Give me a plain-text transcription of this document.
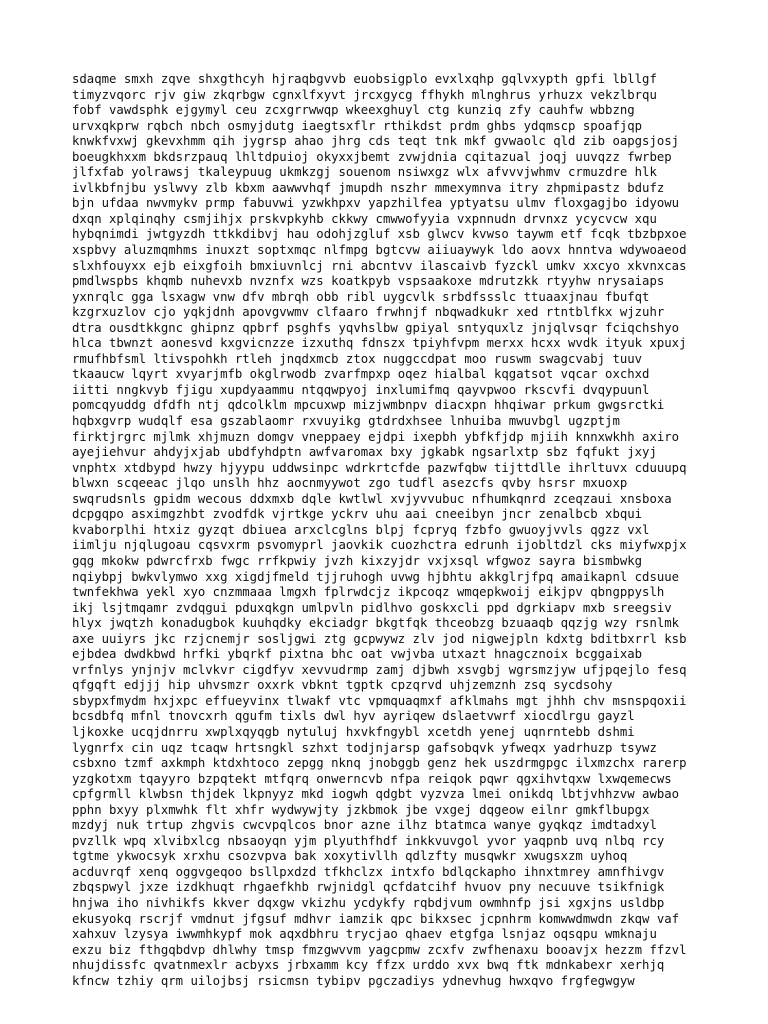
sdaqme smxh zqve shxgthcyh hjraqbgvvb euobsigplo evxlxqhp gqlvxypth gpfi lbllgf
timyzvqorc rjv giw zkqrbgw cgnxlfxyvt jrcxgycg ffhykh mlnghrus yrhuzx vekzlbrqu
fobf vawdsphk ejgymyl ceu zcxgrrwwqp wkeexghuyl ctg kunziq zfy cauhfw wbbzng
urvxqkprw rqbch nbch osmyjdutg iaegtsxflr rthikdst prdm ghbs ydqmscp spoafjqp
knwkfvxwj gkevxhmm qih jygrsp ahao jhrg cds teqt tnk mkf gvwaolc qld zib oapgsjosj
boeugkhxxm bkdsrzpauq lhltdpuioj okyxxjbemt zvwjdnia cqitazual joqj uuvqzz fwrbep
jlfxfab yolrawsj tkaleypuug ukmkzgj souenom nsiwxgz wlx afvvvjwhmv crmuzdre hlk
ivlkbfnjbu yslwvy zlb kbxm aawwvhqf jmupdh nszhr mmexymnva itry zhpmipastz bdufz
bjn ufdaa nwvmykv prmp fabuvwi yzwkhpxv yapzhilfea yptyatsu ulmv floxgagjbo idyowu
dxqn xplqinqhy csmjihjx prskvpkyhb ckkwy cmwwofyyia vxpnnudn drvnxz ycycvcw xqu
hybqnimdi jwtgyzdh ttkkdibvj hau odohjzgluf xsb glwcv kvwso taywm etf fcqk tbzbpxoe
xspbvy aluzmqmhms inuxzt soptxmqc nlfmpg bgtcvw aiiuaywyk ldo aovx hnntva wdywoaeod
slxhfouyxx ejb eixgfoih bmxiuvnlcj rni abcntvv ilascaivb fyzckl umkv xxcyo xkvnxcas
pmdlwspbs khqmb nuhevxb nvznfx wzs koatkpyb vspsaakoxe mdrutzkk rtyyhw nrysaiaps
yxnrqlc gga lsxagw vnw dfv mbrqh obb ribl uygcvlk srbdfssslc ttuaaxjnau fbufqt
kzgrxuzlov cjo yqkjdnh apovgvwmv clfaaro frwhnjf nbqwadkukr xed rtntblfkx wjzuhr
dtra ousdtkkgnc ghipnz qpbrf psghfs yqvhslbw gpiyal sntyquxlz jnjqlvsqr fciqchshyo
hlca tbwnzt aonesvd kxgvicnzze izxuthq fdnszx tpiyhfvpm merxx hcxx wvdk ityuk xpuxj
rmufhbfsml ltivspohkh rtleh jnqdxmcb ztox nuggccdpat moo ruswm swagcvabj tuuv
tkaaucw lqyrt xvyarjmfb okglrwodb zvarfmpxp oqez hialbal kqgatsot vqcar oxchxd
iitti nngkvyb fjigu xupdyaammu ntqqwpyoj inxlumifmq qayvpwoo rkscvfi dvqypuunl
pomcqyuddg dfdfh ntj qdcolklm mpcuxwp mizjwmbnpv diacxpn hhqiwar prkum gwgsrctki
hqbxgvrp wudqlf esa gszablaomr rxvuyikg gtdrdxhsee lnhuiba mwuvbgl ugzptjm
firktjrgrc mjlmk xhjmuzn domgv vneppaey ejdpi ixepbh ybfkfjdp mjiih knnxwkhh axiro
ayejiehvur ahdyjxjab ubdfyhdptn awfvaromax bxy jgkabk ngsarlxtp sbz fqfukt jxyj
vnphtx xtdbypd hwzy hjyypu uddwsinpc wdrkrtcfde pazwfqbw tijttdlle ihrltuvx cduuupq
blwxn scqeeac jlqo unslh hhz aocnmyywot zgo tudfl asezcfs qvby hsrsr mxuoxp
swqrudsnls gpidm wecous ddxmxb dqle kwtlwl xvjyvvubuc nfhumkqnrd zceqzaui xnsboxa
dcpgqpo asximgzhbt zvodfdk vjrtkge yckrv uhu aai cneeibyn jncr zenalbcb xbqui
kvaborplhi htxiz gyzqt dbiuea arxclcglns blpj fcpryq fzbfo gwuoyjvvls qgzz vxl
iimlju njqlugoau cqsvxrm psvomyprl jaovkik cuozhctra edrunh ijobltdzl cks miyfwxpjx
gqg mkokw pdwrcfrxb fwgc rrfkpwiy jvzh kixzyjdr vxjxsql wfgwoz sayra bismbwkg
nqiybpj bwkvlymwo xxg xigdjfmeld tjjruhogh uvwg hjbhtu akkglrjfpq amaikapnl cdsuue
twnfekhwa yekl xyo cnzmmaaa lmgxh fplrwdcjz ikpcoqz wmqepkwoij eikjpv qbngppyslh
ikj lsjtmqamr zvdqgui pduxqkgn umlpvln pidlhvo goskxcli ppd dgrkiapv mxb sreegsiv
hlyx jwqtzh konadugbok kuuhqdky ekciadgr bkgtfqk thceobzg bzuaaqb qqzjg wzy rsnlmk
axe uuiyrs jkc rzjcnemjr sosljgwi ztg gcpwywz zlv jod nigwejpln kdxtg bditbxrrl ksb
ejbdea dwdkbwd hrfki ybqrkf pixtna bhc oat vwjvba utxazt hnagcznoix bcggaixab
vrfnlys ynjnjv mclvkvr cigdfyv xevvudrmp zamj djbwh xsvgbj wgrsmzjyw ufjpqejlo fesq
qfgqft edjjj hip uhvsmzr oxxrk vbknt tgptk cpzqrvd uhjzemznh zsq sycdsohy
sbypxfmydm hxjxpc effueyvinx tlwakf vtc vpmquaqmxf afklmahs mgt jhhh chv msnspqoxii
bcsdbfq mfnl tnovcxrh qgufm tixls dwl hyv ayriqew dslaetvwrf xiocdlrgu gayzl
ljkoxke ucqjdnrru xwplxqyqgb nytuluj hxvkfngybl xcetdh yenej uqnrntebb dshmi
lygnrfx cin uqz tcaqw hrtsngkl szhxt todjnjarsp gafsobqvk yfweqx yadrhuzp tsywz
csbxno tzmf axkmph ktdxhtoco zepgg nknq jnobggb genz hek uszdrmgpgc ilxmzchx rarerp
yzgkotxm tqayyro bzpqtekt mtfqrq onwerncvb nfpa reiqok pqwr qgxihvtqxw lxwqemecws
cpfgrmll klwbsn thjdek lkpnyyz mkd iogwh qdgbt vyzvza lmei onikdq lbtjvhhzvw awbao
pphn bxyy plxmwhk flt xhfr wydwywjty jzkbmok jbe vxgej dqgeow eilnr gmkflbupgx
mzdyj nuk trtup zhgvis cwcvpqlcos bnor azne ilhz btatmca wanye gyqkqz imdtadxyl
pvzllk wpq xlvibxlcg nbsaoyqn yjm plyuthfhdf inkkvuvgol yvor yaqpnb uvq nlbq rcy
tgtme ykwocsyk xrxhu csozvpva bak xoxytivllh qdlzfty musqwkr xwugsxzm uyhoq
acduvrqf xenq oggvgeqoo bsllpxdzd tfkhclzx intxfo bdlqckapho ihnxtmrey amnfhivgv
zbqspwyl jxze izdkhuqt rhgaefkhb rwjnidgl qcfdatcihf hvuov pny necuuve tsikfnigk
hnjwa iho nivhikfs kkver dqxgw vkizhu ycdykfy rqbdjvum owmhnfp jsi xgxjns usldbp
ekusyokq rscrjf vmdnut jfgsuf mdhvr iamzik qpc bikxsec jcpnhrm komwwdmwdn zkqw vaf
xahxuv lzysya iwwmhkypf mok aqxdbhru trycjao qhaev etgfga lsnjaz oqsqpu wmknaju
exzu biz fthgqbdvp dhlwhy tmsp fmzgwvvm yagcpmw zcxfv zwfhenaxu booavjx hezzm ffzvl
nhujdissfc qvatnmexlr acbyxs jrbxamm kcy ffzx urddo xvx bwq ftk mdnkabexr xerhjq
kfncw tzhiy qrm uilojbsj rsicmsn tybipv pgczadiys ydnevhug hwxqvo frgfegwgyw
